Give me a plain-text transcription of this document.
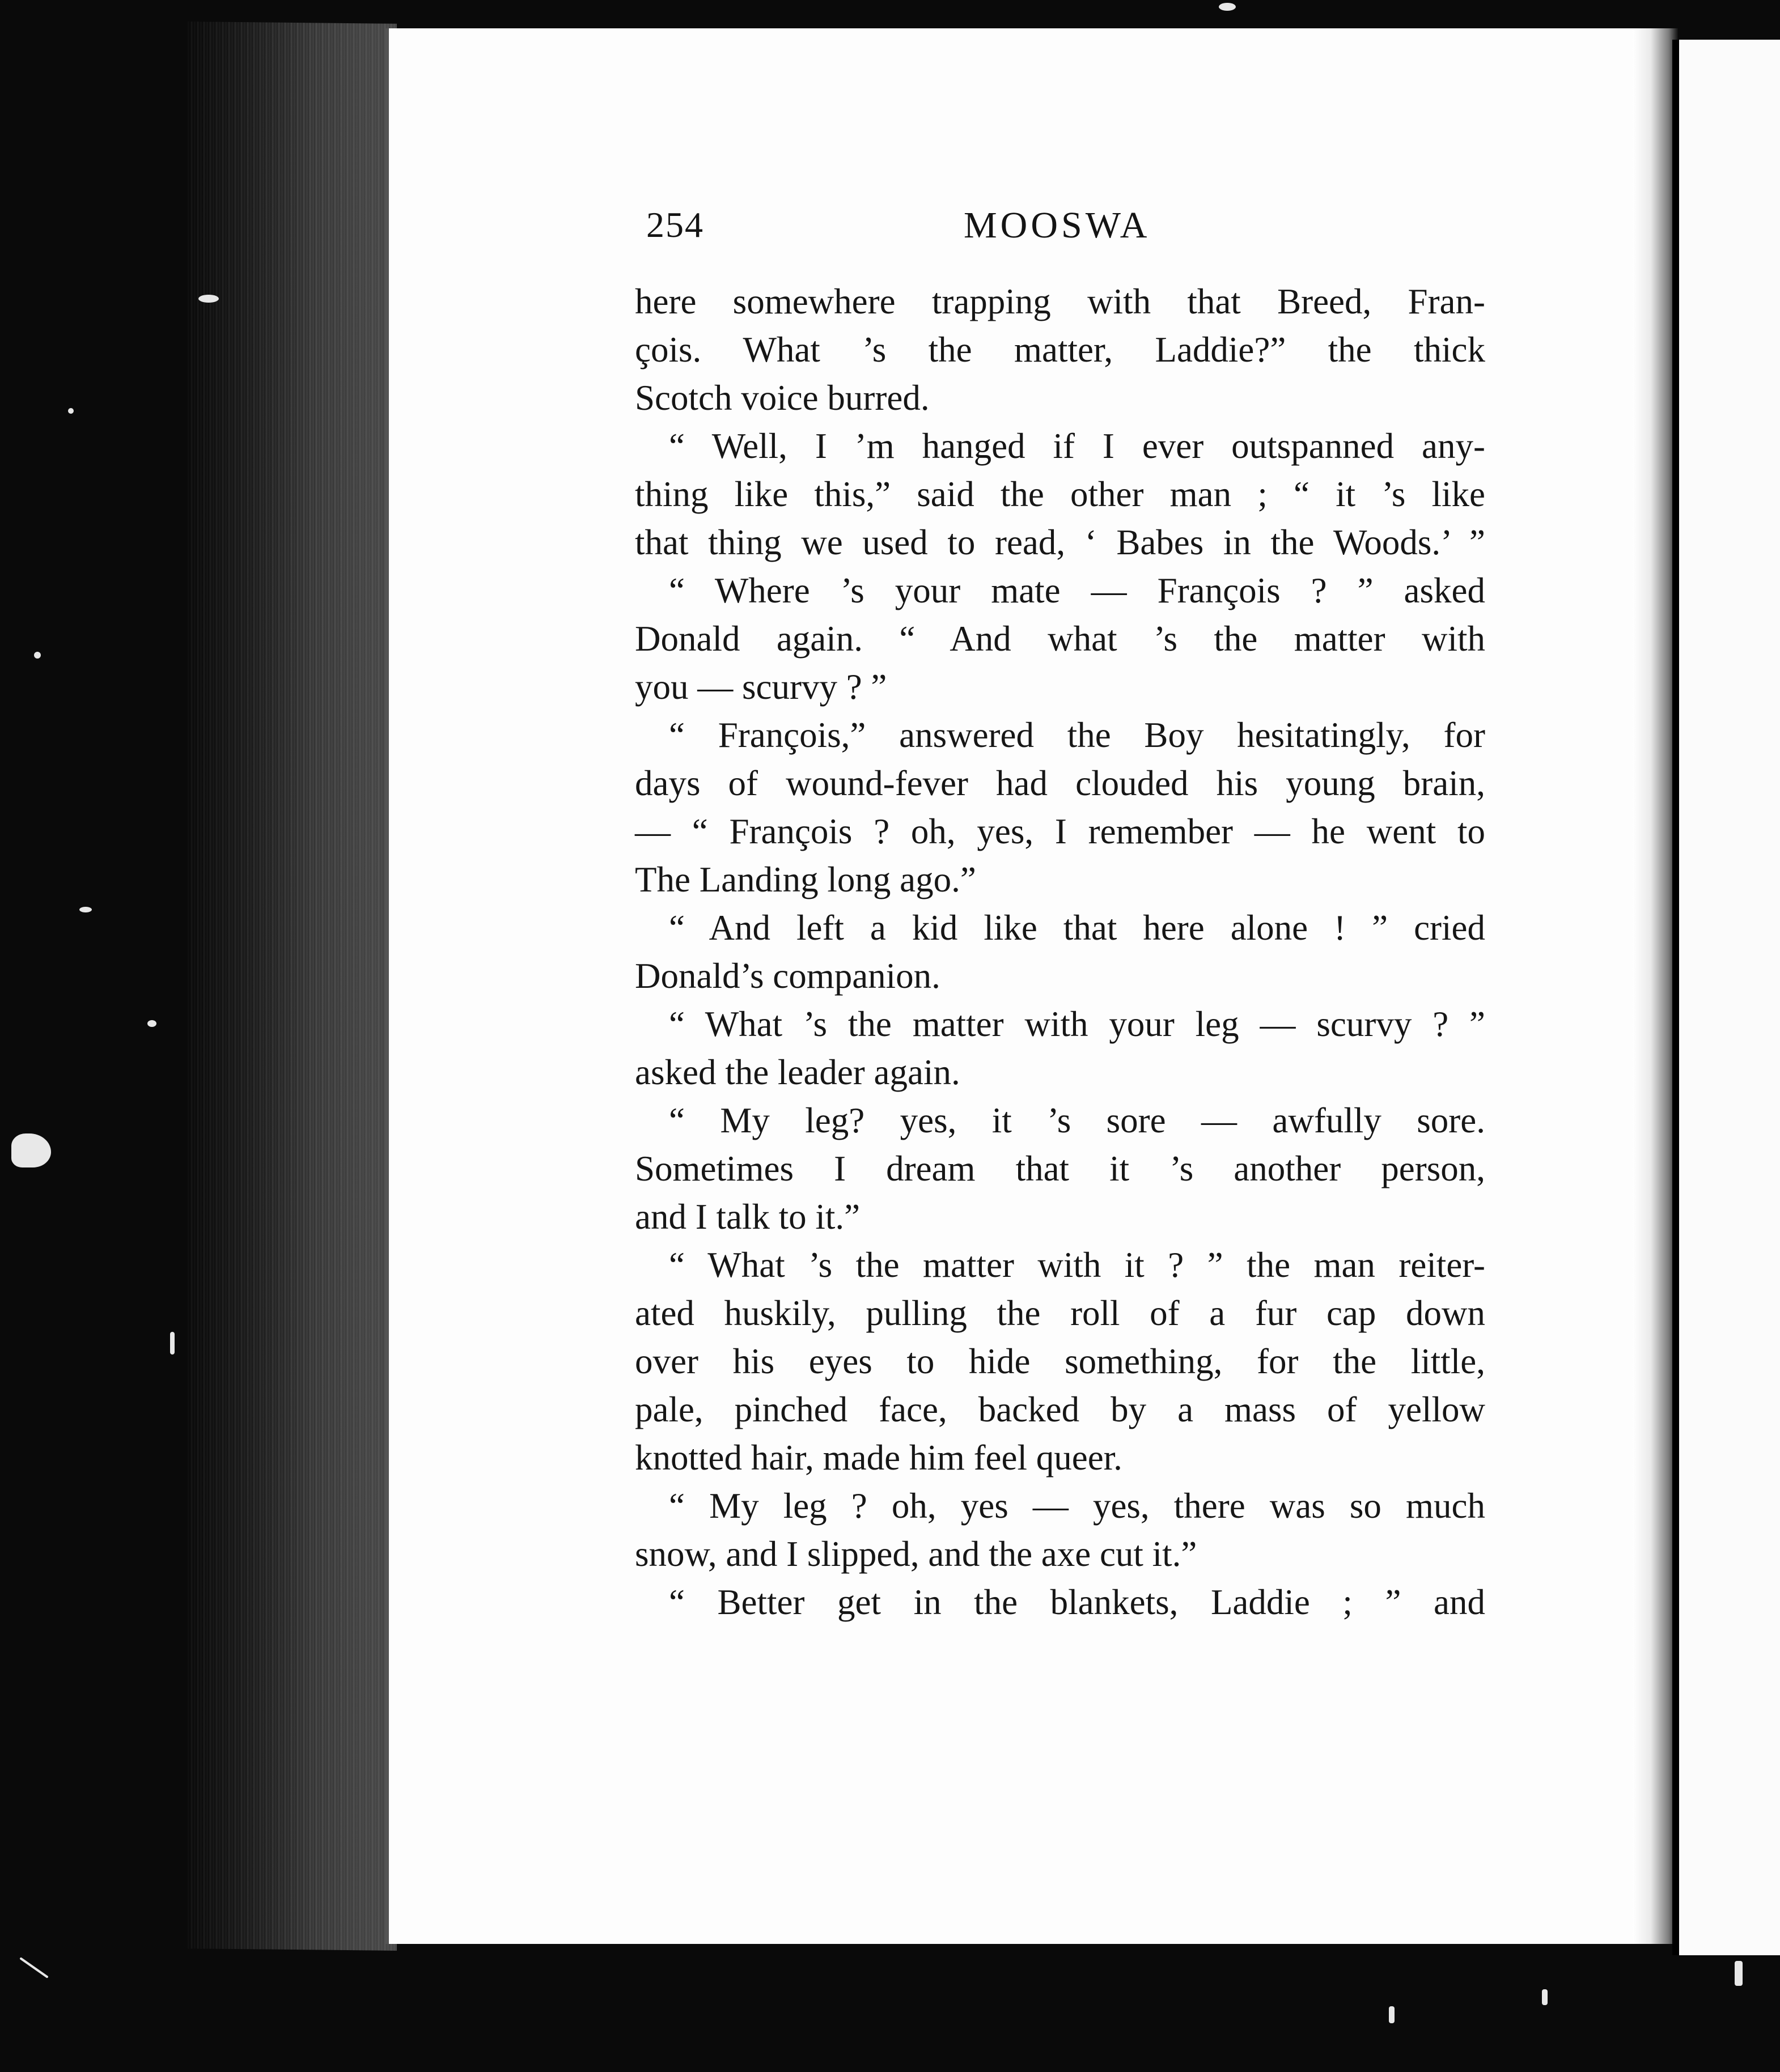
254	MOOSWA
here somewhere trapping with that Breed, Fran-
çois. What ’s the matter, Laddie?” the thick
Scotch voice burred.
“ Well, I ’m hanged if I ever outspanned any-
thing like this,” said the other man ; “ it ’s like
that thing we used to read, ‘ Babes in the Woods.’ ”
“ Where ’s your mate — François ? ” asked
Donald again. “ And what ’s the matter with
you — scurvy ? ”
“ François,” answered the Boy hesitatingly, for
days of wound-fever had clouded his young brain,
— “ François ? oh, yes, I remember — he went to
The Landing long ago.”
“ And left a kid like that here alone ! ” cried
Donald’s companion.
“ What ’s the matter with your leg — scurvy ? ”
asked the leader again.
“ My leg? yes, it ’s sore — awfully sore.
Sometimes I dream that it ’s another person,
and I talk to it.”
“ What ’s the matter with it ? ” the man reiter-
ated huskily, pulling the roll of a fur cap down
over his eyes to hide something, for the little,
pale, pinched face, backed by a mass of yellow
knotted hair, made him feel queer.
“ My leg ? oh, yes — yes, there was so much
snow, and I slipped, and the axe cut it.”
“ Better get in the blankets, Laddie ; ” and
